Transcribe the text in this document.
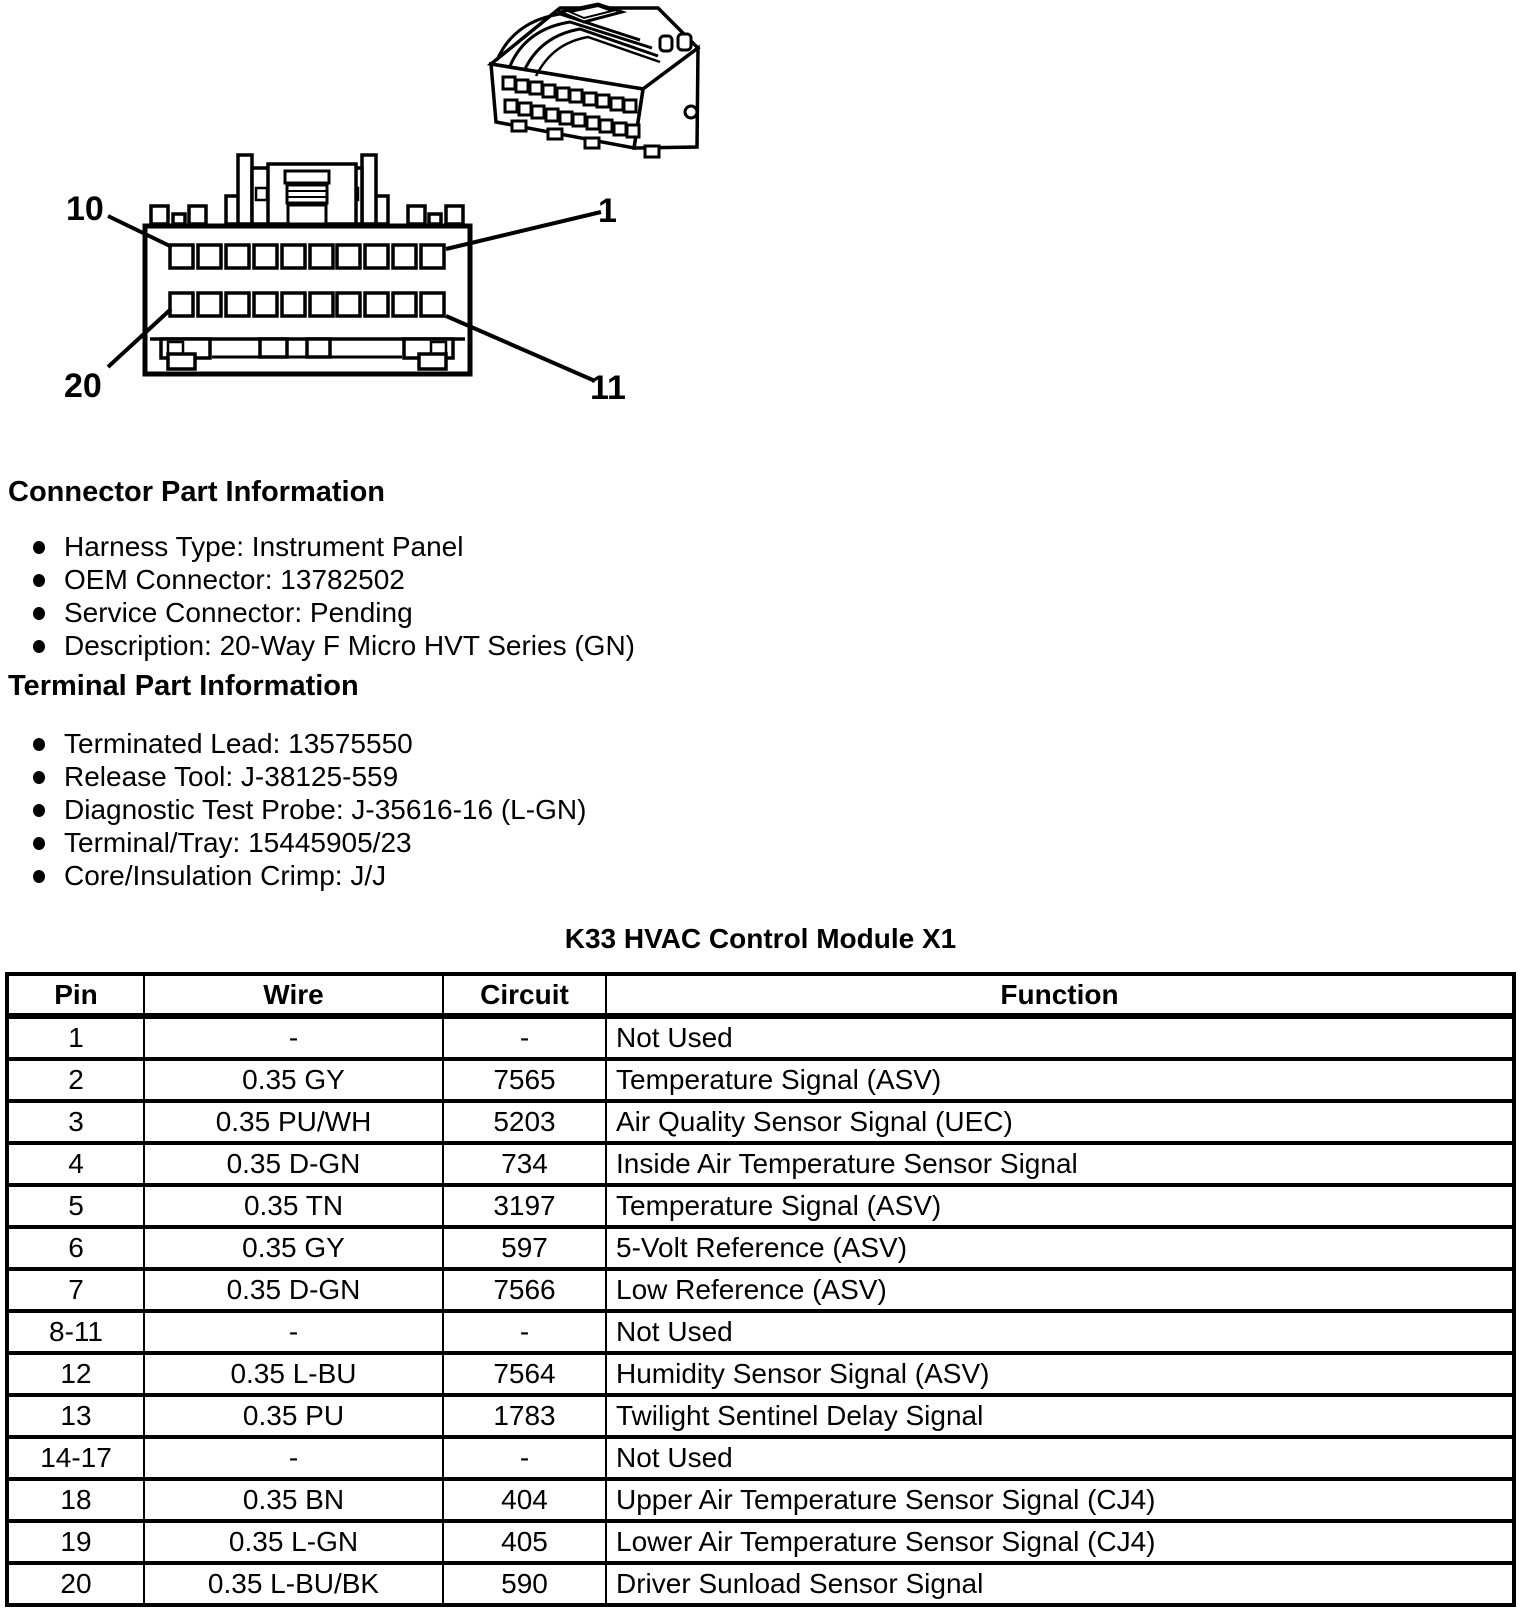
10	1
20	11
Connector Part Information
Harness Type: Instrument Panel
OEM Connector: 13782502
Service Connector: Pending
Description: 20-Way F Micro HVT Series (GN)
Terminal Part Information
Terminated Lead: 13575550
Release Tool: J-38125-559
Diagnostic Test Probe: J-35616-16 (L-GN)
Terminal/Tray: 15445905/23
Core/Insulation Crimp: J/J
K33 HVAC Control Module X1
Pin	Wire	Circuit	Function
1	-	-	Not Used
2	0.35 GY	7565	Temperature Signal (ASV)
3	0.35 PU/WH	5203	Air Quality Sensor Signal (UEC)
4	0.35 D-GN	734	Inside Air Temperature Sensor Signal
5	0.35 TN	3197	Temperature Signal (ASV)
6	0.35 GY	597	5-Volt Reference (ASV)
7	0.35 D-GN	7566	Low Reference (ASV)
8-11	-	-	Not Used
12	0.35 L-BU	7564	Humidity Sensor Signal (ASV)
13	0.35 PU	1783	Twilight Sentinel Delay Signal
14-17	-	-	Not Used
18	0.35 BN	404	Upper Air Temperature Sensor Signal (CJ4)
19	0.35 L-GN	405	Lower Air Temperature Sensor Signal (CJ4)
20	0.35 L-BU/BK	590	Driver Sunload Sensor Signal
